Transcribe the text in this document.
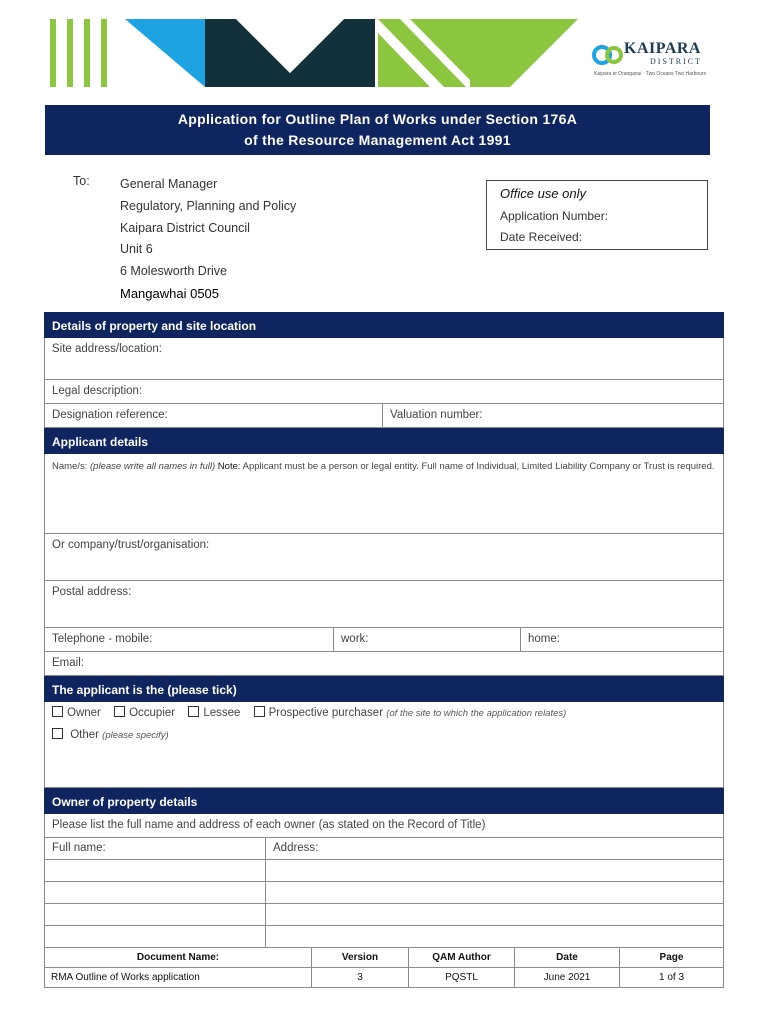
KAIPARA
DISTRICT
Kaipara te Oranganui · Two Oceans Two Harbours
Application for Outline Plan of Works under Section 176A
of the Resource Management Act 1991
To: General Manager
Regulatory, Planning and Policy
Kaipara District Council
Unit 6
6 Molesworth Drive
Mangawhai 0505
Office use only
Application Number:
Date Received:
Details of property and site location
Site address/location:
Legal description:
Designation reference:	Valuation number:
Applicant details
Name/s: (please write all names in full) Note: Applicant must be a person or legal entity. Full name of Individual, Limited Liability Company or Trust is required.
Or company/trust/organisation:
Postal address:
Telephone - mobile:	work:	home:
Email:
The applicant is the (please tick)
Owner Occupier Lessee Prospective purchaser (of the site to which the application relates)
Other (please specify)
Owner of property details
Please list the full name and address of each owner (as stated on the Record of Title)
Full name:	Address:
Document Name:	Version	QAM Author	Date	Page
RMA Outline of Works application	3	PQSTL	June 2021	1 of 3
